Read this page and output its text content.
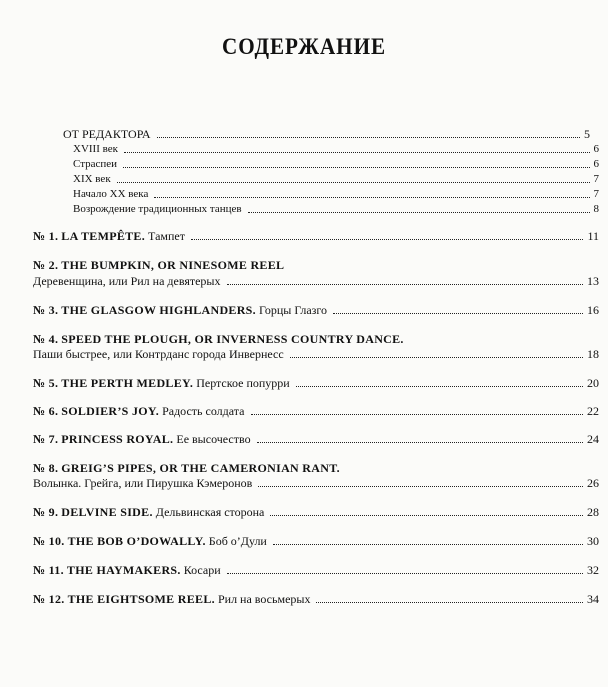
СОДЕРЖАНИЕ
ОТ РЕДАКТОРА	5
XVIII век	6
Страспеи	6
XIX век	7
Начало XX века	7
Возрождение традиционных танцев	8
№ 1. LA TEMPÊTE. Тампет	11
№ 2. THE BUMPKIN, OR NINESOME REEL
Деревенщина, или Рил на девятерых	13
№ 3. THE GLASGOW HIGHLANDERS. Горцы Глазго	16
№ 4. SPEED THE PLOUGH, OR INVERNESS COUNTRY DANCE.
Паши быстрее, или Контрданс города Инвернесс	18
№ 5. THE PERTH MEDLEY. Пертское попурри	20
№ 6. SOLDIER’S JOY. Радость солдата	22
№ 7. PRINCESS ROYAL. Ее высочество	24
№ 8. GREIG’S PIPES, OR THE CAMERONIAN RANT.
Волынка. Грейга, или Пирушка Кэмеронов	26
№ 9. DELVINE SIDE. Дельвинская сторона	28
№ 10. THE BOB O’DOWALLY. Боб о’Дули	30
№ 11. THE HAYMAKERS. Косари	32
№ 12. THE EIGHTSOME REEL. Рил на восьмерых	34
